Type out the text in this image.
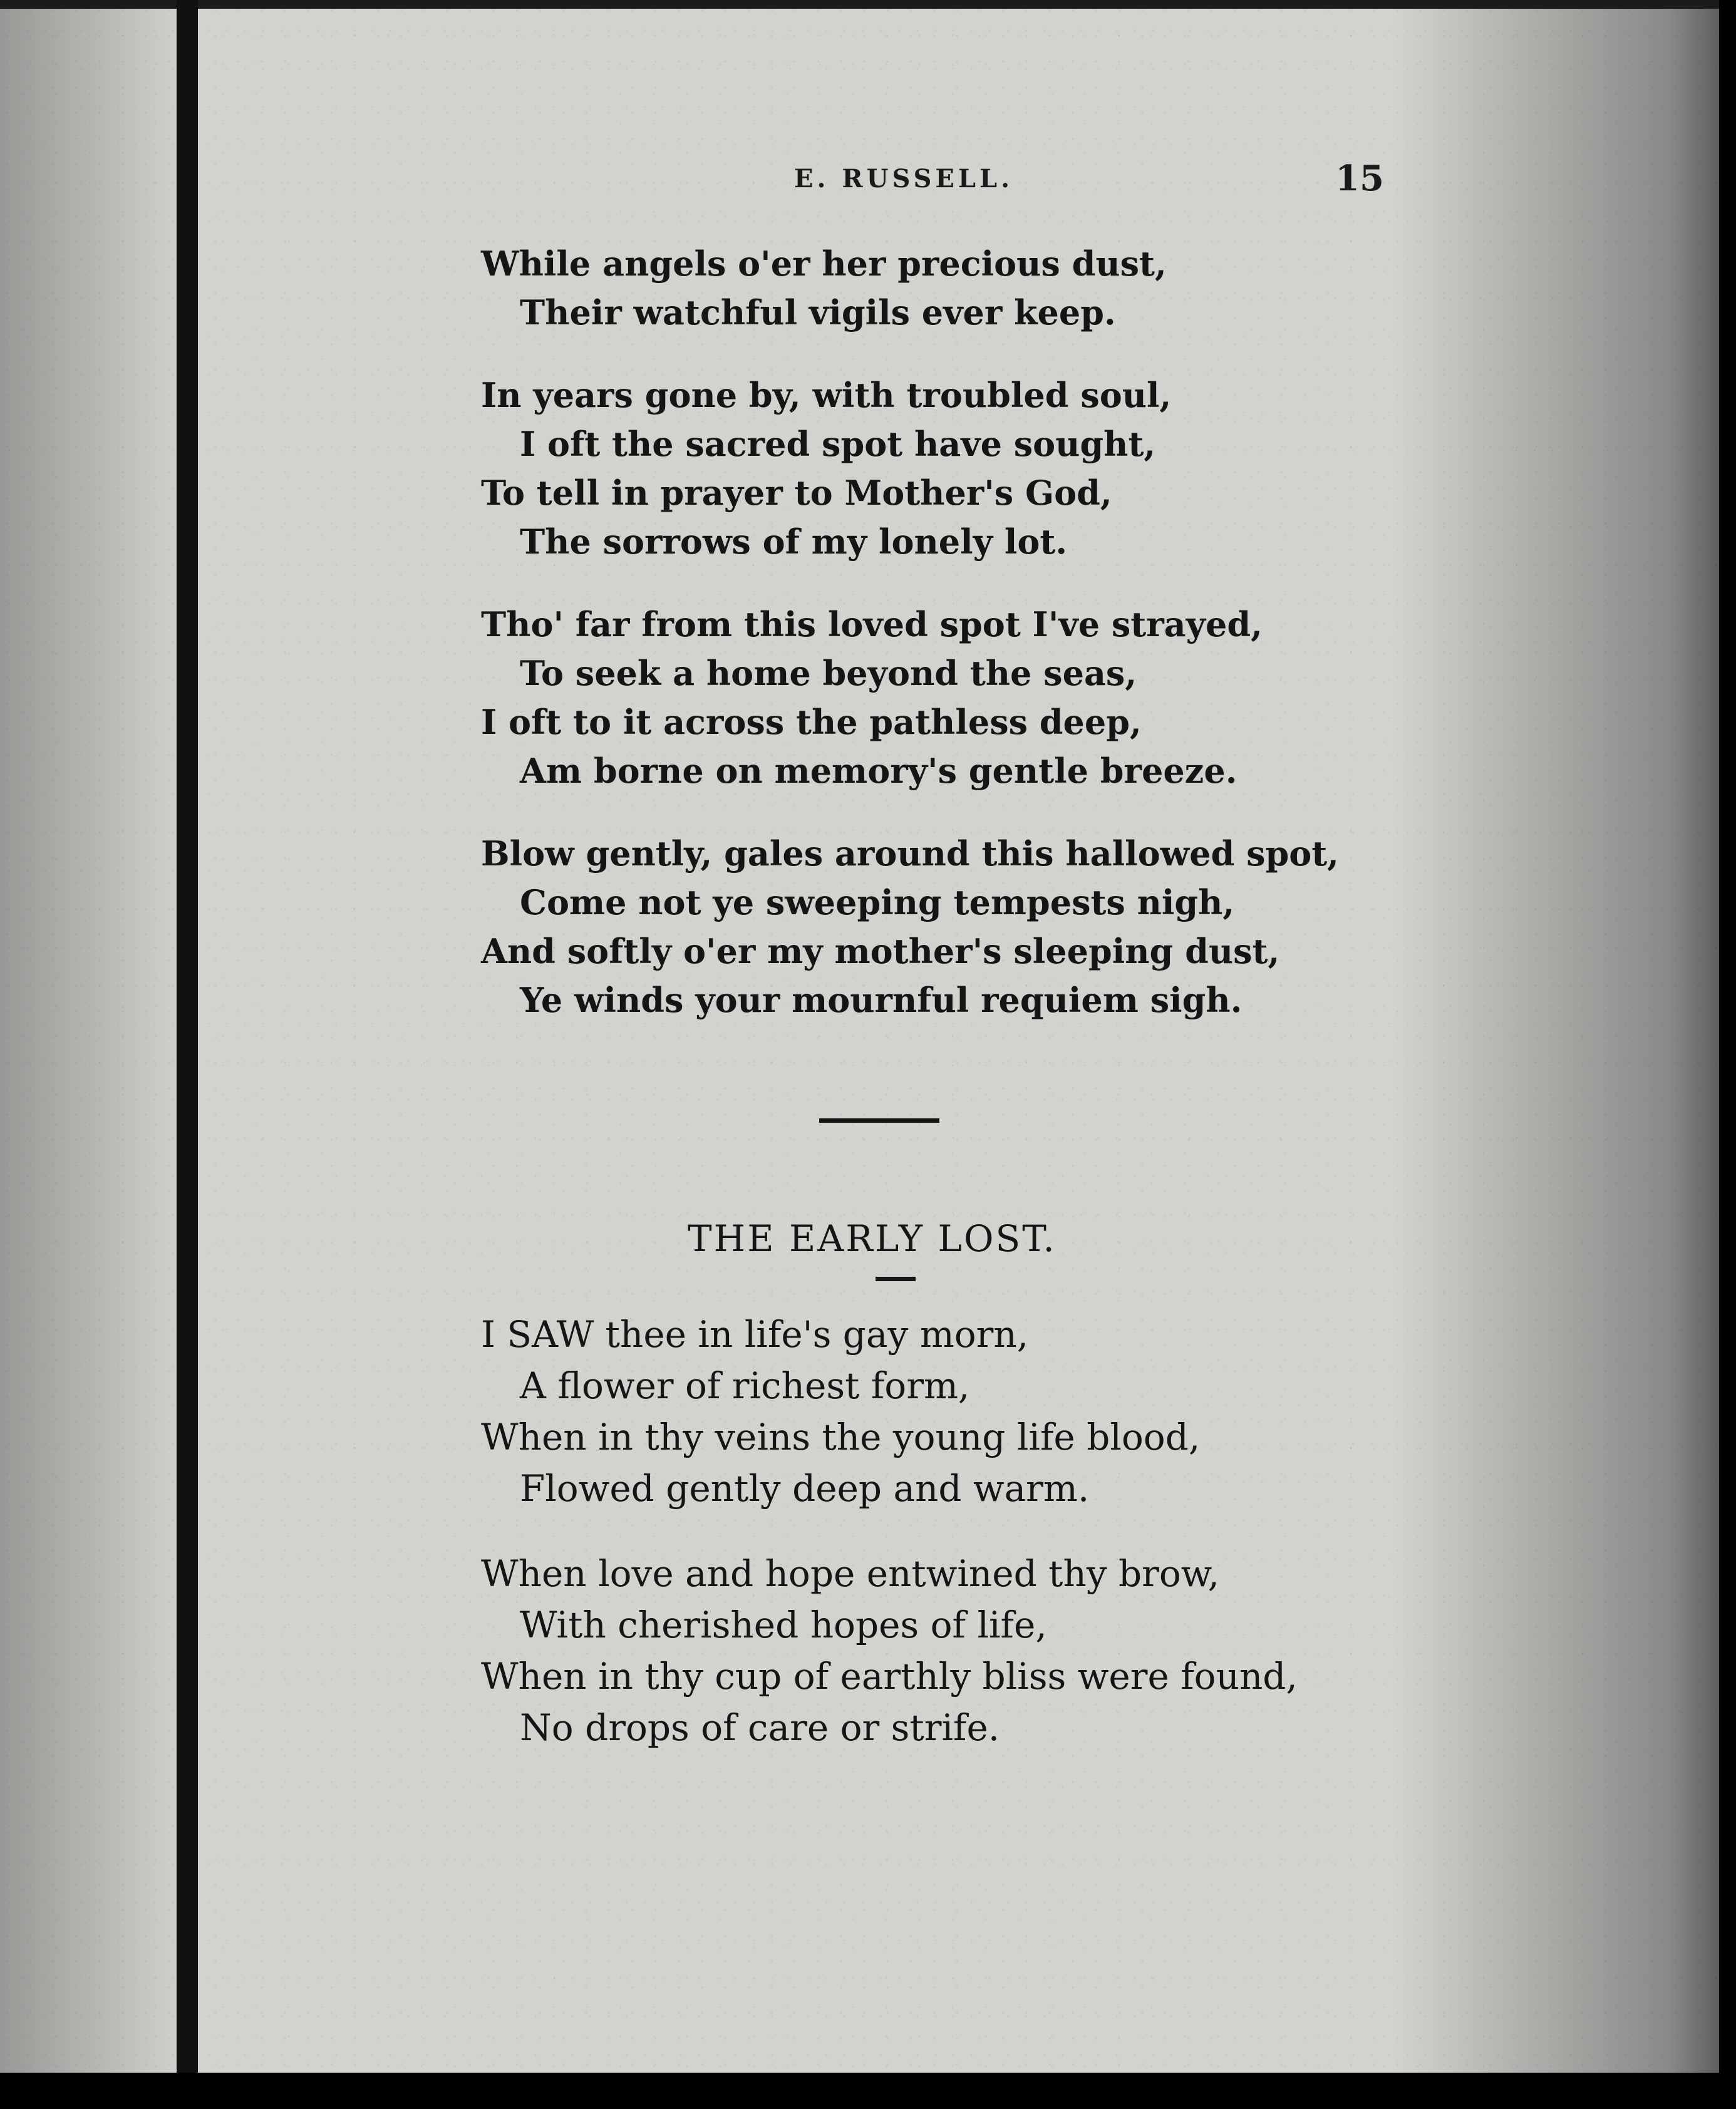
E. RUSSELL.	15
While angels o'er her precious dust,
Their watchful vigils ever keep.
In years gone by, with troubled soul,
I oft the sacred spot have sought,
To tell in prayer to Mother's God,
The sorrows of my lonely lot.
Tho' far from this loved spot I've strayed,
To seek a home beyond the seas,
I oft to it across the pathless deep,
Am borne on memory's gentle breeze.
Blow gently, gales around this hallowed spot,
Come not ye sweeping tempests nigh,
And softly o'er my mother's sleeping dust,
Ye winds your mournful requiem sigh.
THE EARLY LOST.
I SAW thee in life's gay morn,
A flower of richest form,
When in thy veins the young life blood,
Flowed gently deep and warm.
When love and hope entwined thy brow,
With cherished hopes of life,
When in thy cup of earthly bliss were found,
No drops of care or strife.
